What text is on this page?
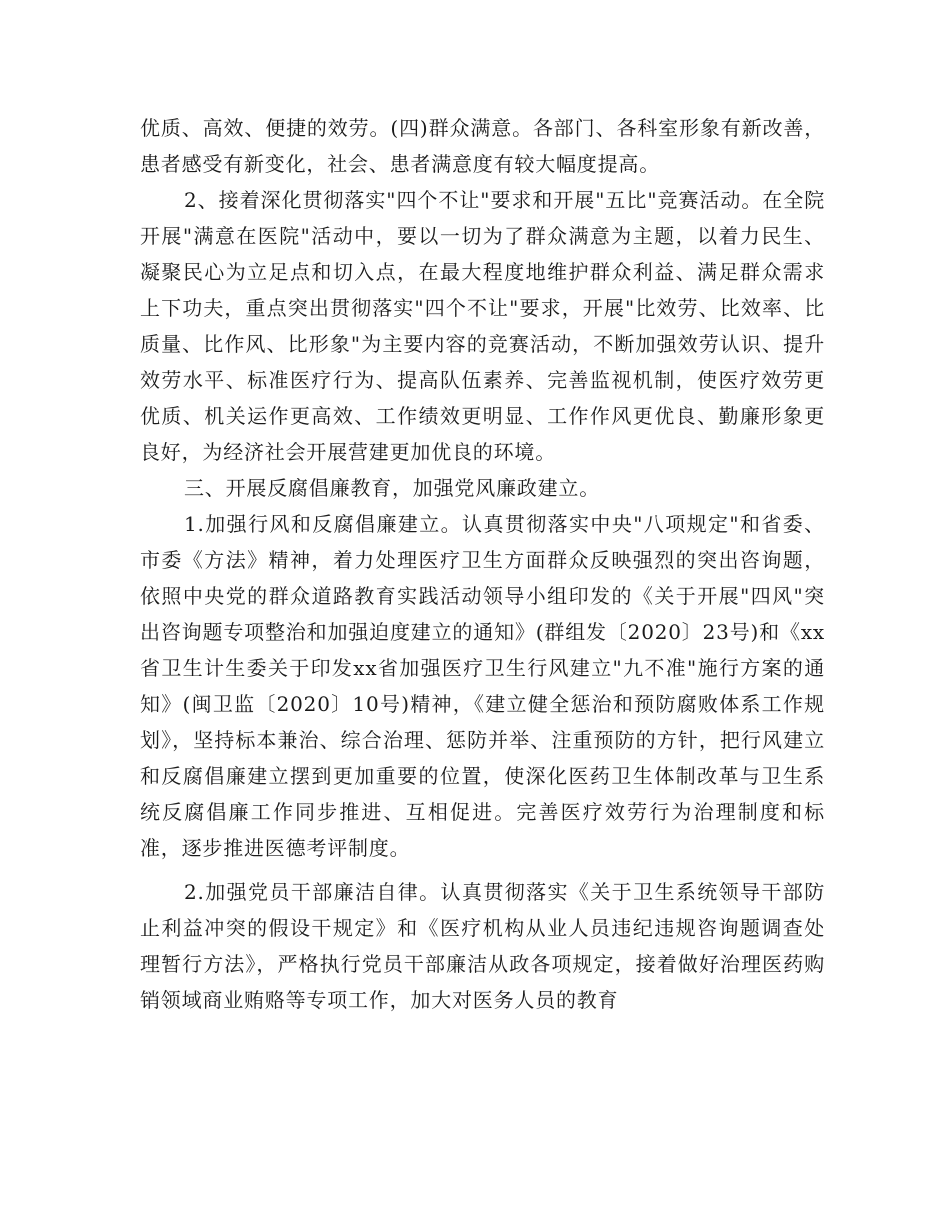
优质、高效、便捷的效劳。(四)群众满意。各部门、各科室形象有新改善，患者感受有新变化，社会、患者满意度有较大幅度提高。

2、接着深化贯彻落实"四个不让"要求和开展"五比"竞赛活动。在全院开展"满意在医院"活动中，要以一切为了群众满意为主题，以着力民生、凝聚民心为立足点和切入点，在最大程度地维护群众利益、满足群众需求上下功夫，重点突出贯彻落实"四个不让"要求，开展"比效劳、比效率、比质量、比作风、比形象"为主要内容的竞赛活动，不断加强效劳认识、提升效劳水平、标准医疗行为、提高队伍素养、完善监视机制，使医疗效劳更优质、机关运作更高效、工作绩效更明显、工作作风更优良、勤廉形象更良好，为经济社会开展营建更加优良的环境。

三、开展反腐倡廉教育，加强党风廉政建立。

1.加强行风和反腐倡廉建立。认真贯彻落实中央"八项规定"和省委、市委《方法》精神，着力处理医疗卫生方面群众反映强烈的突出咨询题，依照中央党的群众道路教育实践活动领导小组印发的《关于开展"四风"突出咨询题专项整治和加强迫度建立的通知》(群组发〔2020〕23号)和《xx省卫生计生委关于印发xx省加强医疗卫生行风建立"九不准"施行方案的通知》(闽卫监〔2020〕10号)精神，《建立健全惩治和预防腐败体系工作规划》，坚持标本兼治、综合治理、惩防并举、注重预防的方针，把行风建立和反腐倡廉建立摆到更加重要的位置，使深化医药卫生体制改革与卫生系统反腐倡廉工作同步推进、互相促进。完善医疗效劳行为治理制度和标准，逐步推进医德考评制度。

2.加强党员干部廉洁自律。认真贯彻落实《关于卫生系统领导干部防止利益冲突的假设干规定》和《医疗机构从业人员违纪违规咨询题调查处理暂行方法》，严格执行党员干部廉洁从政各项规定，接着做好治理医药购销领域商业贿赂等专项工作，加大对医务人员的教育
